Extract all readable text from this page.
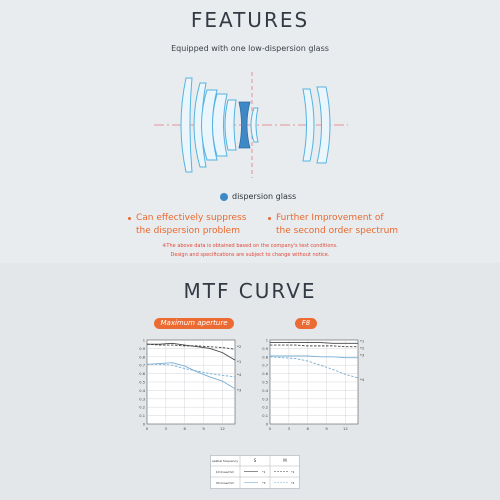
FEATURES
Equipped with one low-dispersion glass
dispersion glass
Can effectively suppress
the dispersion problem
Further Improvement of
the second order spectrum
※The above data is obtained based on the company's test conditions.
Design and specifications are subject to change without notice.
MTF CURVE
Maximum aperture	F8
0
0.1
0.2
0.3
0.4
0.5
0.6
0.7
0.8
0.9
1
0	3	6	9	12
*2
*1
*4
*3
0
0.1
0.2
0.3
0.4
0.5
0.6
0.7
0.8
0.9
1
0	3	6	9	12
*1
*2
*3
*4
spatial frequency	S	M
10 lines/mm	*1	*2
30 lines/mm	*3	*4
